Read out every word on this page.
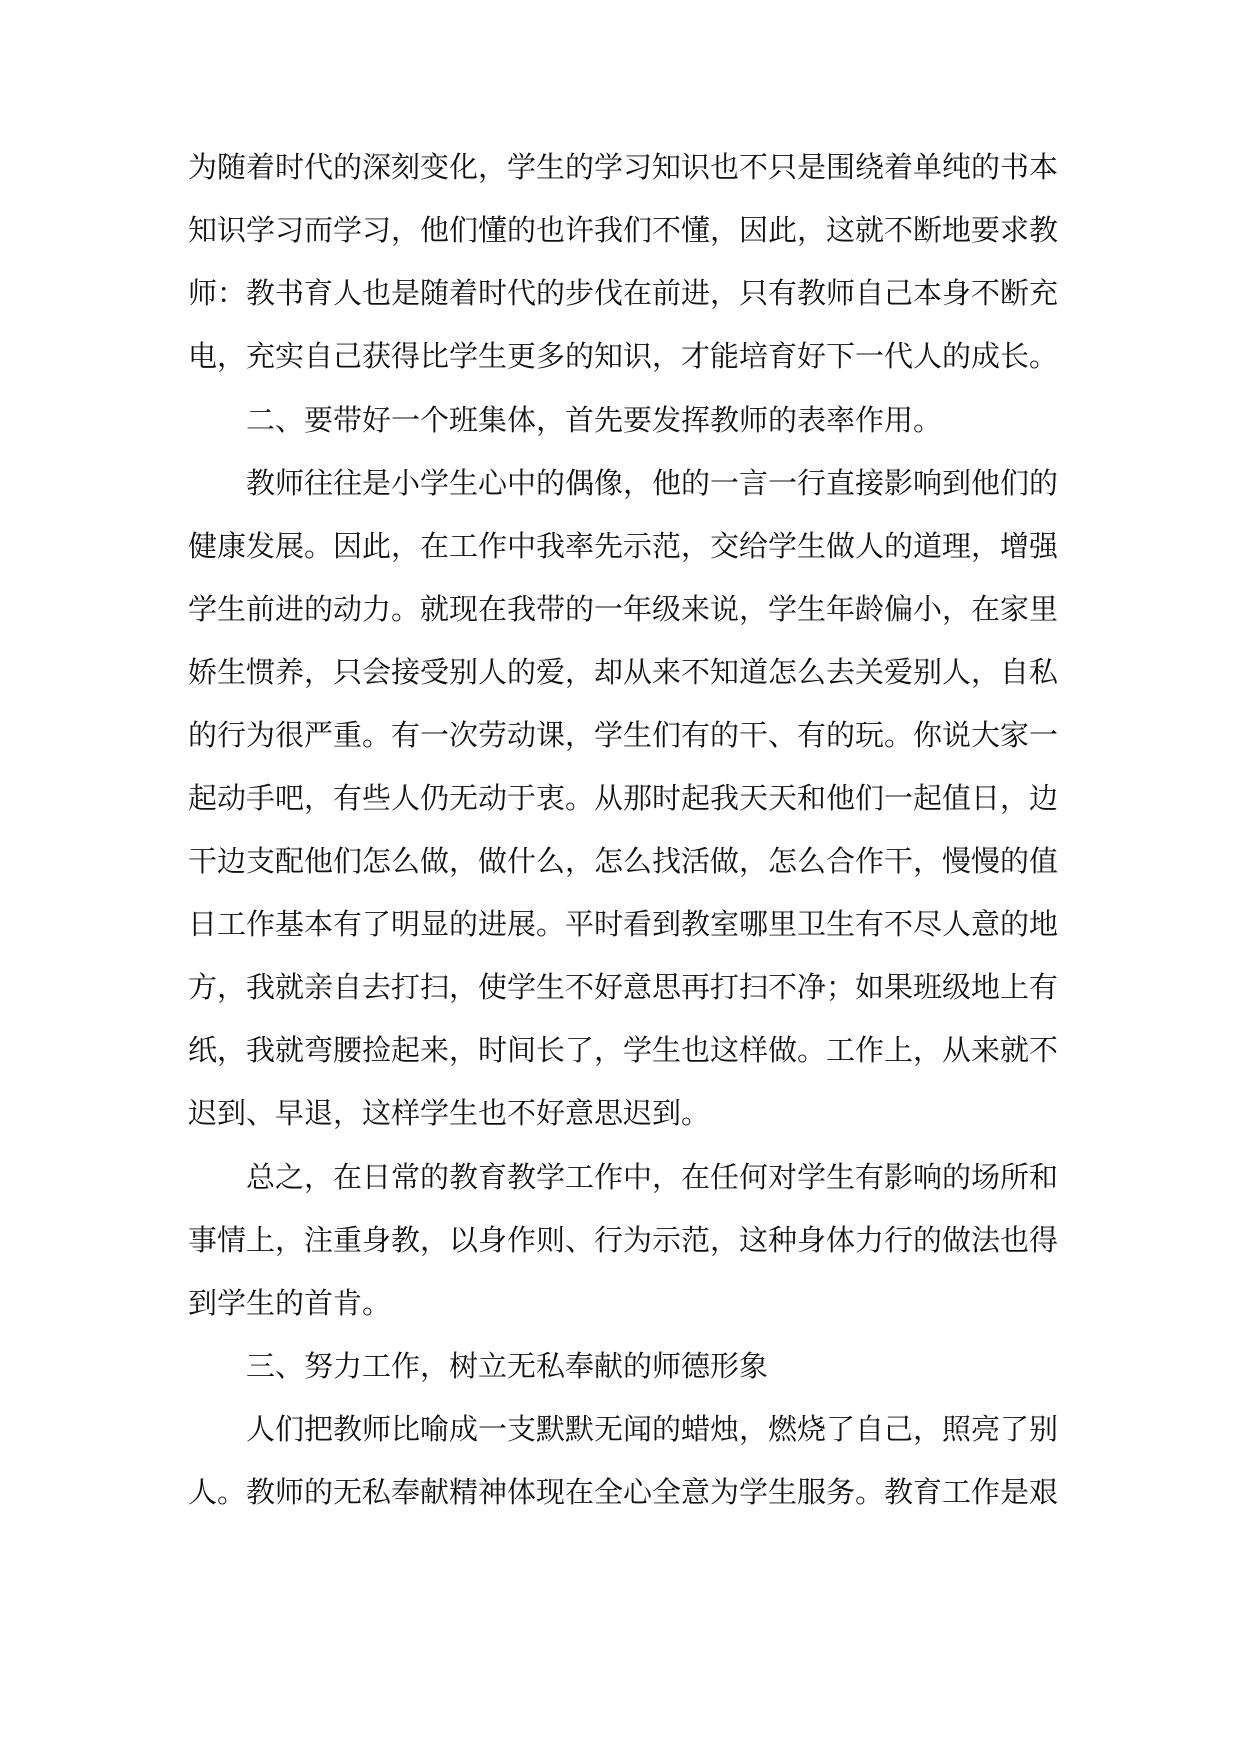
为随着时代的深刻变化，学生的学习知识也不只是围绕着单纯的书本
知识学习而学习，他们懂的也许我们不懂，因此，这就不断地要求教
师：教书育人也是随着时代的步伐在前进，只有教师自己本身不断充
电，充实自己获得比学生更多的知识，才能培育好下一代人的成长。
二、要带好一个班集体，首先要发挥教师的表率作用。
教师往往是小学生心中的偶像，他的一言一行直接影响到他们的
健康发展。因此，在工作中我率先示范，交给学生做人的道理，增强
学生前进的动力。就现在我带的一年级来说，学生年龄偏小，在家里
娇生惯养，只会接受别人的爱，却从来不知道怎么去关爱别人，自私
的行为很严重。有一次劳动课，学生们有的干、有的玩。你说大家一
起动手吧，有些人仍无动于衷。从那时起我天天和他们一起值日，边
干边支配他们怎么做，做什么，怎么找活做，怎么合作干，慢慢的值
日工作基本有了明显的进展。平时看到教室哪里卫生有不尽人意的地
方，我就亲自去打扫，使学生不好意思再打扫不净；如果班级地上有
纸，我就弯腰捡起来，时间长了，学生也这样做。工作上，从来就不
迟到、早退，这样学生也不好意思迟到。
总之，在日常的教育教学工作中，在任何对学生有影响的场所和
事情上，注重身教，以身作则、行为示范，这种身体力行的做法也得
到学生的首肯。
三、努力工作，树立无私奉献的师德形象
人们把教师比喻成一支默默无闻的蜡烛，燃烧了自己，照亮了别
人。教师的无私奉献精神体现在全心全意为学生服务。教育工作是艰
